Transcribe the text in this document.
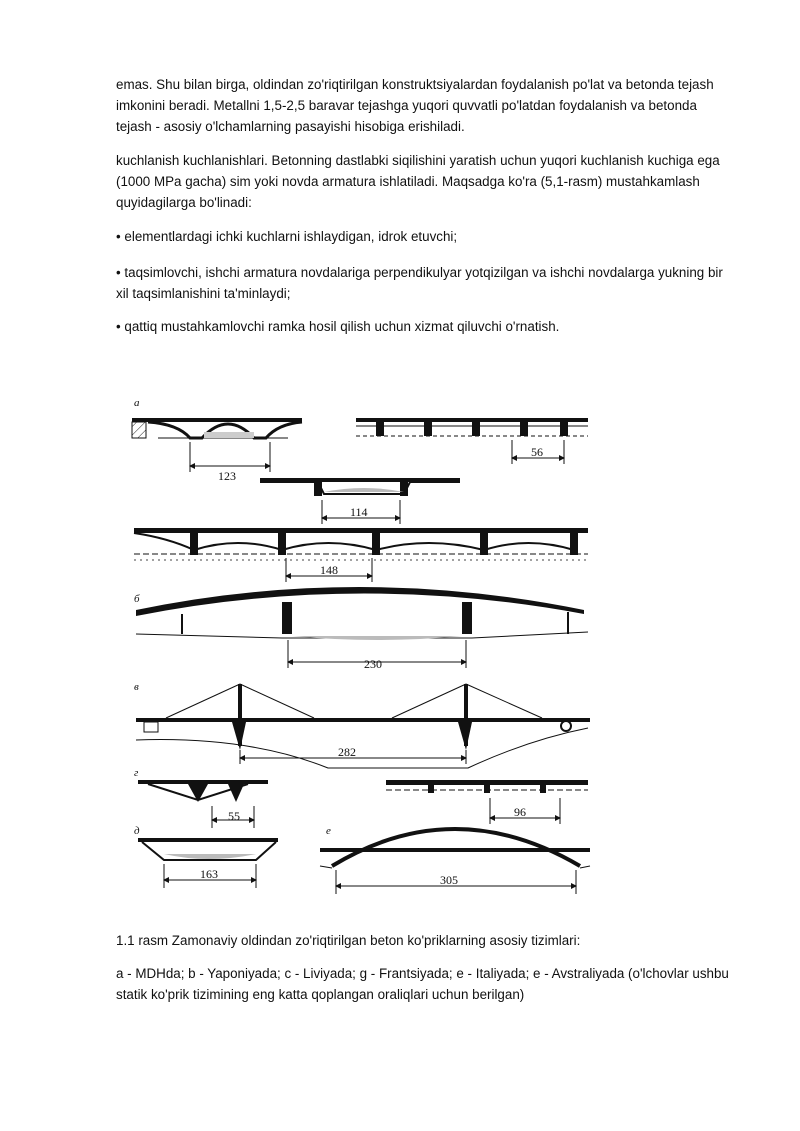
emas. Shu bilan birga, oldindan zo'riqtirilgan konstruktsiyalardan foydalanish po'lat va betonda tejash imkonini beradi. Metallni 1,5-2,5 baravar tejashga yuqori quvvatli po'latdan foydalanish va betonda tejash - asosiy o'lchamlarning pasayishi hisobiga erishiladi.

kuchlanish kuchlanishlari. Betonning dastlabki siqilishini yaratish uchun yuqori kuchlanish kuchiga ega (1000 MPa gacha) sim yoki novda armatura ishlatiladi. Maqsadga ko'ra (5,1-rasm) mustahkamlash quyidagilarga bo'linadi:

• elementlardagi ichki kuchlarni ishlaydigan, idrok etuvchi;

• taqsimlovchi, ishchi armatura novdalariga perpendikulyar yotqizilgan va ishchi novdalarga yukning bir xil taqsimlanishini ta'minlaydi;

• qattiq mustahkamlovchi ramka hosil qilish uchun xizmat qiluvchi o'rnatish.

a
123
56
114
148
б
230
в
282
г
55	96
д
163
е
305

1.1 rasm Zamonaviy oldindan zo'riqtirilgan beton ko'priklarning asosiy tizimlari:

a - MDHda; b - Yaponiyada; c - Liviyada; g - Frantsiyada; e - Italiyada; e - Avstraliyada (o'lchovlar ushbu statik ko'prik tizimining eng katta qoplangan oraliqlari uchun berilgan)
